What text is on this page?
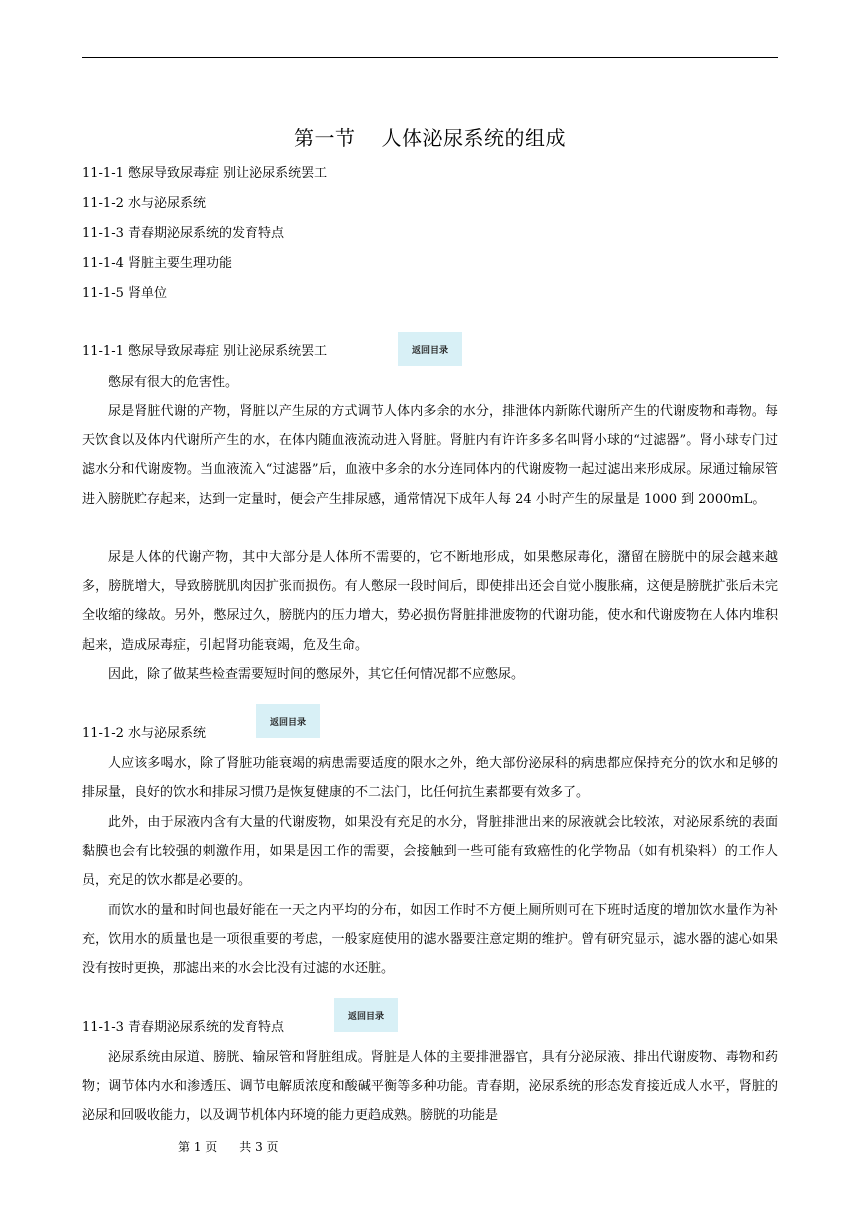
第一节 人体泌尿系统的组成
11-1-1 憋尿导致尿毒症 别让泌尿系统罢工
11-1-2 水与泌尿系统
11-1-3 青春期泌尿系统的发育特点
11-1-4 肾脏主要生理功能
11-1-5 肾单位
11-1-1 憋尿导致尿毒症 别让泌尿系统罢工	返回目录

憋尿有很大的危害性。

尿是肾脏代谢的产物，肾脏以产生尿的方式调节人体内多余的水分，排泄体内新陈代谢所产生的代谢废物和毒物。每天饮食以及体内代谢所产生的水，在体内随血液流动进入肾脏。肾脏内有许许多多名叫肾小球的“过滤器”。肾小球专门过滤水分和代谢废物。当血液流入“过滤器”后，血液中多余的水分连同体内的代谢废物一起过滤出来形成尿。尿通过输尿管进入膀胱贮存起来，达到一定量时，便会产生排尿感，通常情况下成年人每 24 小时产生的尿量是 1000 到 2000mL。

尿是人体的代谢产物，其中大部分是人体所不需要的，它不断地形成，如果憋尿毒化，潴留在膀胱中的尿会越来越多，膀胱增大，导致膀胱肌肉因扩张而损伤。有人憋尿一段时间后，即使排出还会自觉小腹胀痛，这便是膀胱扩张后未完全收缩的缘故。另外，憋尿过久，膀胱内的压力增大，势必损伤肾脏排泄废物的代谢功能，使水和代谢废物在人体内堆积起来，造成尿毒症，引起肾功能衰竭，危及生命。

因此，除了做某些检查需要短时间的憋尿外，其它任何情况都不应憋尿。

返回目录
11-1-2 水与泌尿系统

人应该多喝水，除了肾脏功能衰竭的病患需要适度的限水之外，绝大部份泌尿科的病患都应保持充分的饮水和足够的排尿量，良好的饮水和排尿习惯乃是恢复健康的不二法门，比任何抗生素都要有效多了。

此外，由于尿液内含有大量的代谢废物，如果没有充足的水分，肾脏排泄出来的尿液就会比较浓，对泌尿系统的表面黏膜也会有比较强的刺激作用，如果是因工作的需要，会接触到一些可能有致癌性的化学物品（如有机染料）的工作人员，充足的饮水都是必要的。

而饮水的量和时间也最好能在一天之内平均的分布，如因工作时不方便上厕所则可在下班时适度的增加饮水量作为补充，饮用水的质量也是一项很重要的考虑，一般家庭使用的滤水器要注意定期的维护。曾有研究显示，滤水器的滤心如果没有按时更换，那滤出来的水会比没有过滤的水还脏。

返回目录
11-1-3 青春期泌尿系统的发育特点

泌尿系统由尿道、膀胱、输尿管和肾脏组成。肾脏是人体的主要排泄器官，具有分泌尿液、排出代谢废物、毒物和药物；调节体内水和渗透压、调节电解质浓度和酸碱平衡等多种功能。青春期，泌尿系统的形态发育接近成人水平，肾脏的泌尿和回吸收能力，以及调节机体内环境的能力更趋成熟。膀胱的功能是

第 1 页 共 3 页
